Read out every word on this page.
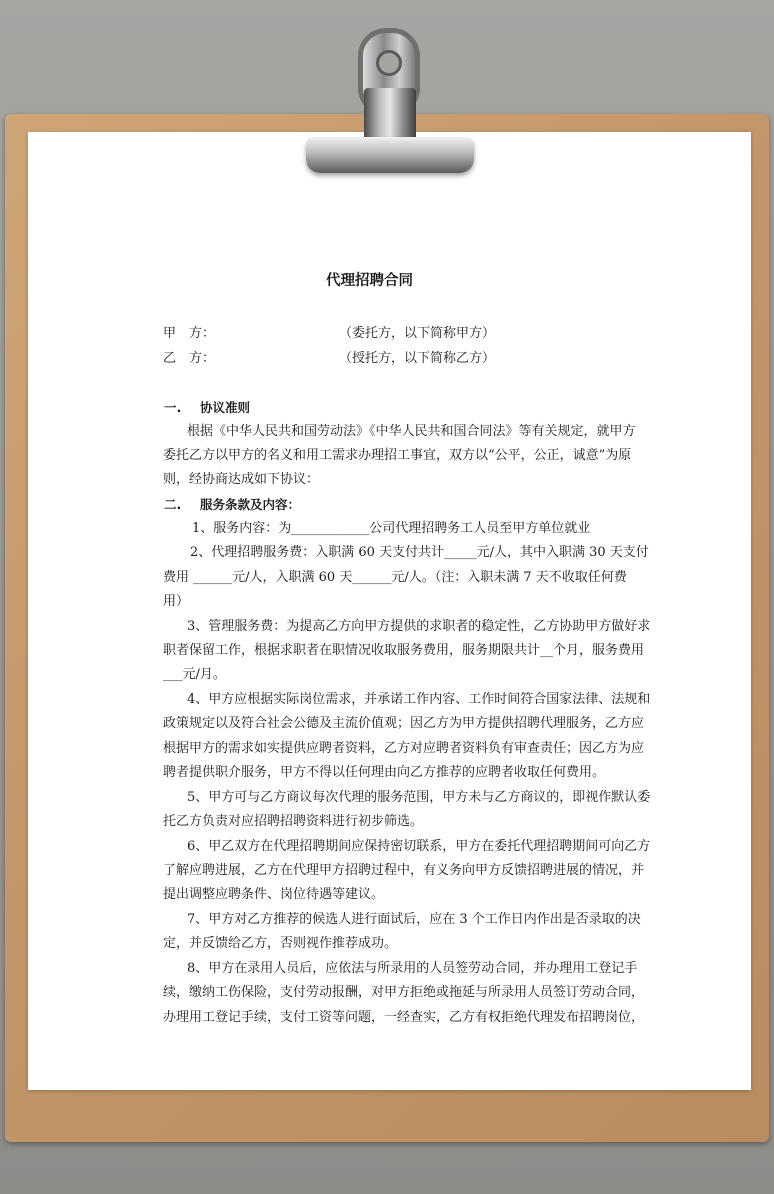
代理招聘合同
甲　方：	（委托方，以下简称甲方）
乙　方：	（授托方，以下简称乙方）
一. 协议准则
根据《中华人民共和国劳动法》《中华人民共和国合同法》等有关规定，就甲方
委托乙方以甲方的名义和用工需求办理招工事宜，双方以“公平，公正，诚意”为原
则，经协商达成如下协议：
二. 服务条款及内容：
1、服务内容：为____________公司代理招聘务工人员至甲方单位就业
2、代理招聘服务费：入职满 60 天支付共计_____元/人，其中入职满 30 天支付
费用 ______元/人，入职满 60 天______元/人。（注：入职未满 7 天不收取任何费
用）
3、管理服务费：为提高乙方向甲方提供的求职者的稳定性，乙方协助甲方做好求
职者保留工作，根据求职者在职情况收取服务费用，服务期限共计__个月，服务费用
___元/月。
4、甲方应根据实际岗位需求，并承诺工作内容、工作时间符合国家法律、法规和
政策规定以及符合社会公德及主流价值观；因乙方为甲方提供招聘代理服务，乙方应
根据甲方的需求如实提供应聘者资料，乙方对应聘者资料负有审查责任；因乙方为应
聘者提供职介服务，甲方不得以任何理由向乙方推荐的应聘者收取任何费用。
5、甲方可与乙方商议每次代理的服务范围，甲方未与乙方商议的，即视作默认委
托乙方负责对应招聘招聘资料进行初步筛选。
6、甲乙双方在代理招聘期间应保持密切联系，甲方在委托代理招聘期间可向乙方
了解应聘进展，乙方在代理甲方招聘过程中，有义务向甲方反馈招聘进展的情况，并
提出调整应聘条件、岗位待遇等建议。
7、甲方对乙方推荐的候选人进行面试后，应在 3 个工作日内作出是否录取的决
定，并反馈给乙方，否则视作推荐成功。
8、甲方在录用人员后，应依法与所录用的人员签劳动合同，并办理用工登记手
续，缴纳工伤保险，支付劳动报酬，对甲方拒绝或拖延与所录用人员签订劳动合同，
办理用工登记手续，支付工资等问题，一经查实，乙方有权拒绝代理发布招聘岗位，
